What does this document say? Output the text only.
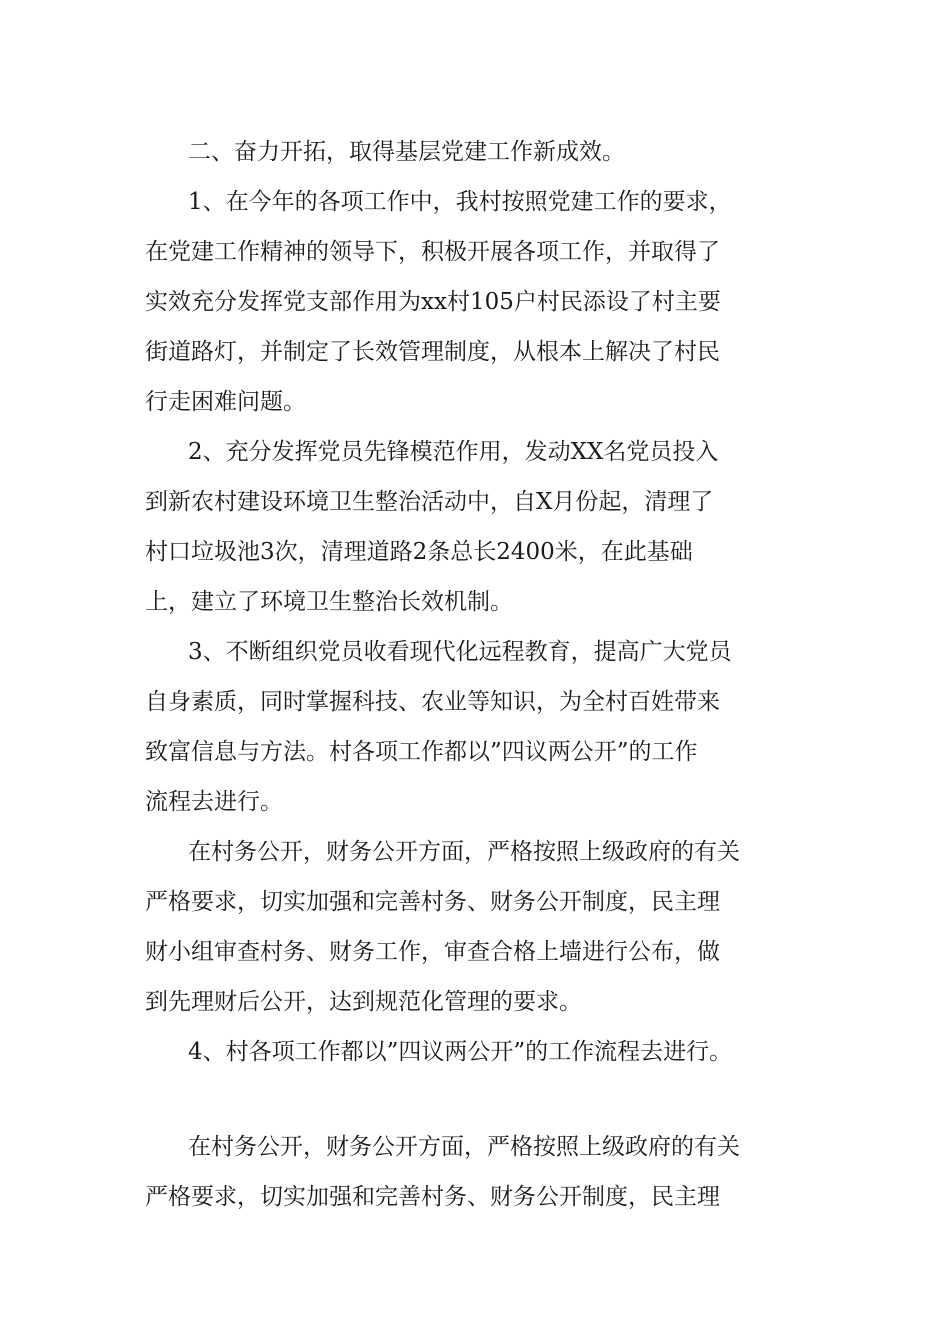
二、奋力开拓，取得基层党建工作新成效。
1、在今年的各项工作中，我村按照党建工作的要求，
在党建工作精神的领导下，积极开展各项工作，并取得了
实效充分发挥党支部作用为xx村105户村民添设了村主要
街道路灯，并制定了长效管理制度，从根本上解决了村民
行走困难问题。
2、充分发挥党员先锋模范作用，发动XX名党员投入
到新农村建设环境卫生整治活动中，自X月份起，清理了
村口垃圾池3次，清理道路2条总长2400米，在此基础
上，建立了环境卫生整治长效机制。
3、不断组织党员收看现代化远程教育，提高广大党员
自身素质，同时掌握科技、农业等知识，为全村百姓带来
致富信息与方法。村各项工作都以”四议两公开”的工作
流程去进行。
在村务公开，财务公开方面，严格按照上级政府的有关
严格要求，切实加强和完善村务、财务公开制度，民主理
财小组审查村务、财务工作，审查合格上墙进行公布，做
到先理财后公开，达到规范化管理的要求。
4、村各项工作都以”四议两公开”的工作流程去进行。
在村务公开，财务公开方面，严格按照上级政府的有关
严格要求，切实加强和完善村务、财务公开制度，民主理
